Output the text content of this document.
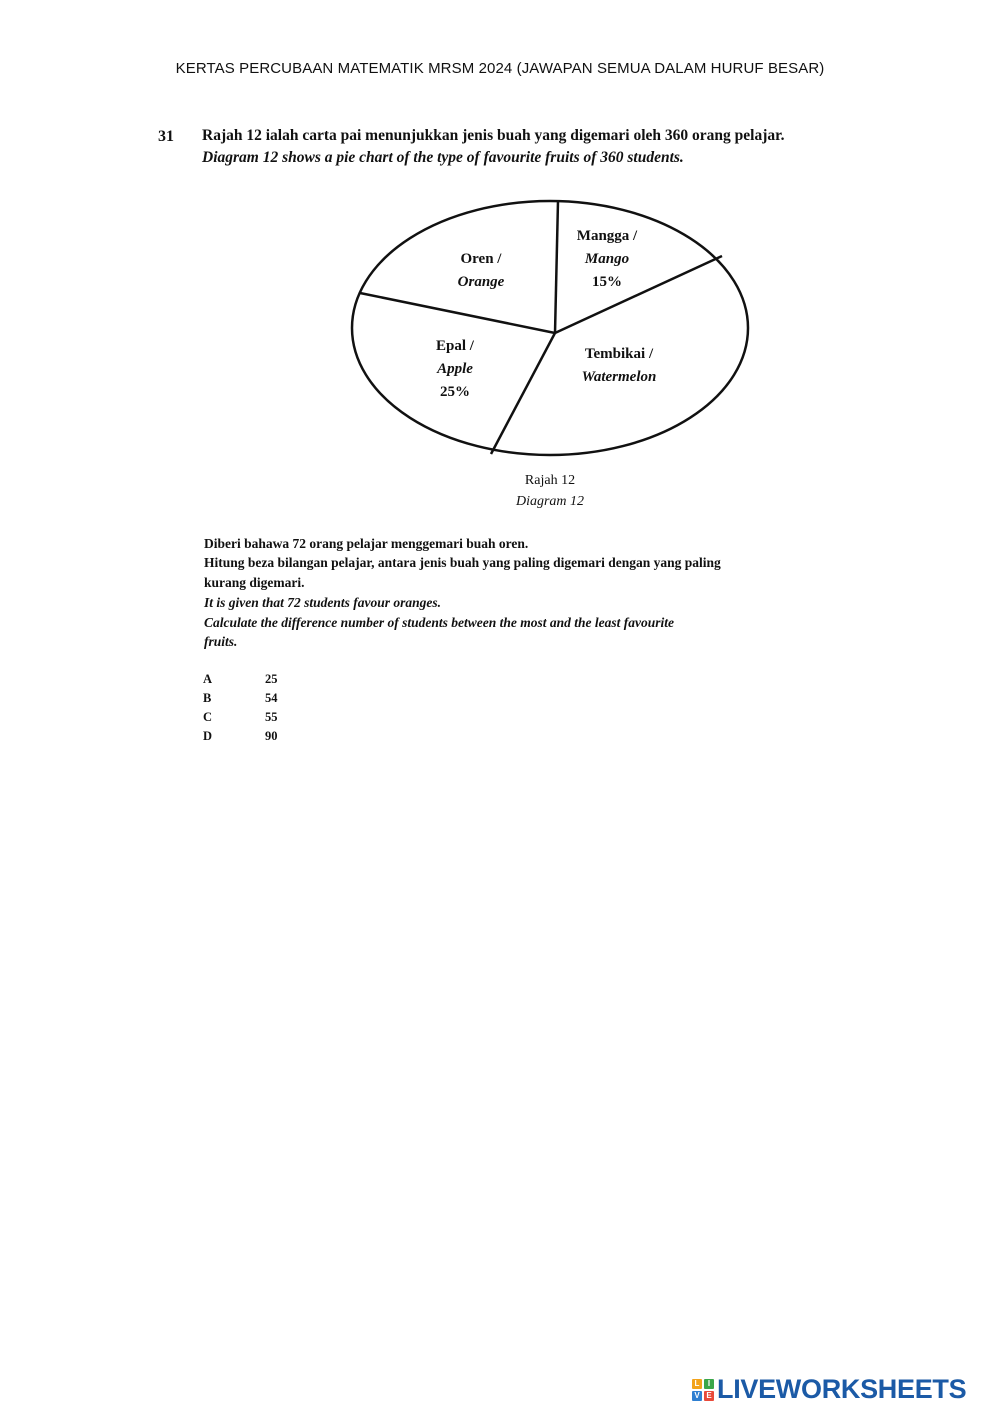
KERTAS PERCUBAAN MATEMATIK MRSM 2024 (JAWAPAN SEMUA DALAM HURUF BESAR)
31 Rajah 12 ialah carta pai menunjukkan jenis buah yang digemari oleh 360 orang pelajar.
Diagram 12 shows a pie chart of the type of favourite fruits of 360 students.
Mangga /
Mango
15%
Tembikai /
Watermelon
Epal /
Apple
25%
Oren /
Orange
Rajah 12
Diagram 12
Diberi bahawa 72 orang pelajar menggemari buah oren.
Hitung beza bilangan pelajar, antara jenis buah yang paling digemari dengan yang paling
kurang digemari.
It is given that 72 students favour oranges.
Calculate the difference number of students between the most and the least favourite
fruits.
A	25
B	54
C	55
D	90
L	I
V E LIVEWORKSHEETS
